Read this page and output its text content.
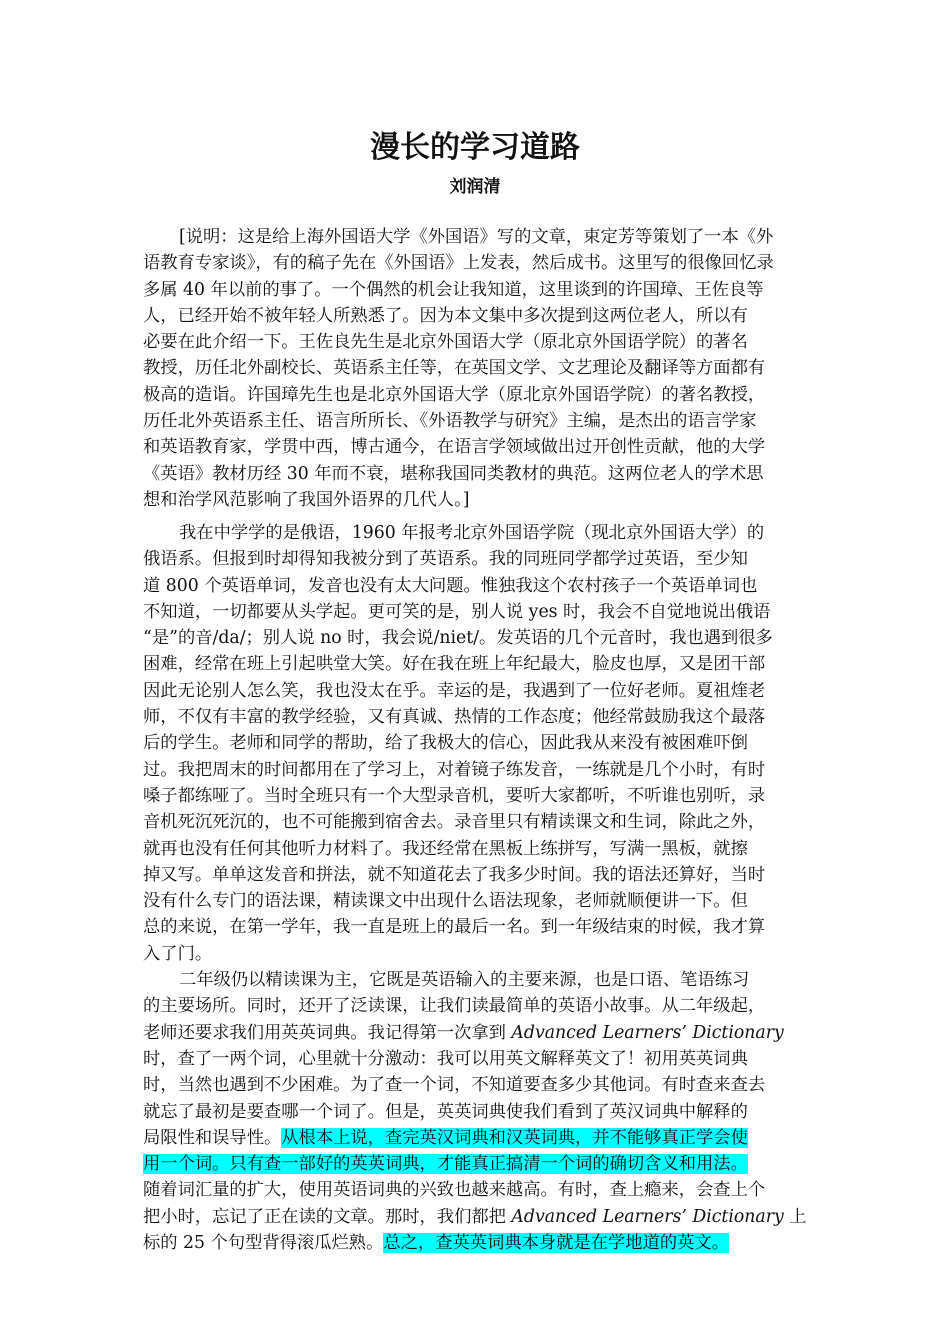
漫长的学习道路
刘润清
[说明：这是给上海外国语大学《外国语》写的文章，束定芳等策划了一本《外
语教育专家谈》，有的稿子先在《外国语》上发表，然后成书。这里写的很像回忆录
多属 40 年以前的事了。一个偶然的机会让我知道，这里谈到的许国璋、王佐良等
人，已经开始不被年轻人所熟悉了。因为本文集中多次提到这两位老人，所以有
必要在此介绍一下。王佐良先生是北京外国语大学（原北京外国语学院）的著名
教授，历任北外副校长、英语系主任等，在英国文学、文艺理论及翻译等方面都有
极高的造诣。许国璋先生也是北京外国语大学（原北京外国语学院）的著名教授，
历任北外英语系主任、语言所所长、《外语教学与研究》主编，是杰出的语言学家
和英语教育家，学贯中西，博古通今，在语言学领域做出过开创性贡献，他的大学
《英语》教材历经 30 年而不衰，堪称我国同类教材的典范。这两位老人的学术思
想和治学风范影响了我国外语界的几代人。]
我在中学学的是俄语，1960 年报考北京外国语学院（现北京外国语大学）的
俄语系。但报到时却得知我被分到了英语系。我的同班同学都学过英语，至少知
道 800 个英语单词，发音也没有太大问题。惟独我这个农村孩子一个英语单词也
不知道，一切都要从头学起。更可笑的是，别人说 yes 时，我会不自觉地说出俄语
“是”的音/da/；别人说 no 时，我会说/niet/。发英语的几个元音时，我也遇到很多
困难，经常在班上引起哄堂大笑。好在我在班上年纪最大，脸皮也厚，又是团干部
因此无论别人怎么笑，我也没太在乎。幸运的是，我遇到了一位好老师。夏祖煃老
师，不仅有丰富的教学经验，又有真诚、热情的工作态度；他经常鼓励我这个最落
后的学生。老师和同学的帮助，给了我极大的信心，因此我从来没有被困难吓倒
过。我把周末的时间都用在了学习上，对着镜子练发音，一练就是几个小时，有时
嗓子都练哑了。当时全班只有一个大型录音机，要听大家都听，不听谁也别听，录
音机死沉死沉的，也不可能搬到宿舍去。录音里只有精读课文和生词，除此之外，
就再也没有任何其他听力材料了。我还经常在黑板上练拼写，写满一黑板，就擦
掉又写。单单这发音和拼法，就不知道花去了我多少时间。我的语法还算好，当时
没有什么专门的语法课，精读课文中出现什么语法现象，老师就顺便讲一下。但
总的来说，在第一学年，我一直是班上的最后一名。到一年级结束的时候，我才算
入了门。
二年级仍以精读课为主，它既是英语输入的主要来源，也是口语、笔语练习
的主要场所。同时，还开了泛读课，让我们读最简单的英语小故事。从二年级起，
老师还要求我们用英英词典。我记得第一次拿到 Advanced Learners’ Dictionary
时，查了一两个词，心里就十分激动：我可以用英文解释英文了！初用英英词典
时，当然也遇到不少困难。为了查一个词，不知道要查多少其他词。有时查来查去
就忘了最初是要查哪一个词了。但是，英英词典使我们看到了英汉词典中解释的
局限性和误导性。从根本上说，查完英汉词典和汉英词典，并不能够真正学会使
用一个词。只有查一部好的英英词典，才能真正搞清一个词的确切含义和用法。
随着词汇量的扩大，使用英语词典的兴致也越来越高。有时，查上瘾来，会查上个
把小时，忘记了正在读的文章。那时，我们都把 Advanced Learners’ Dictionary 上
标的 25 个句型背得滚瓜烂熟。总之，查英英词典本身就是在学地道的英文。
